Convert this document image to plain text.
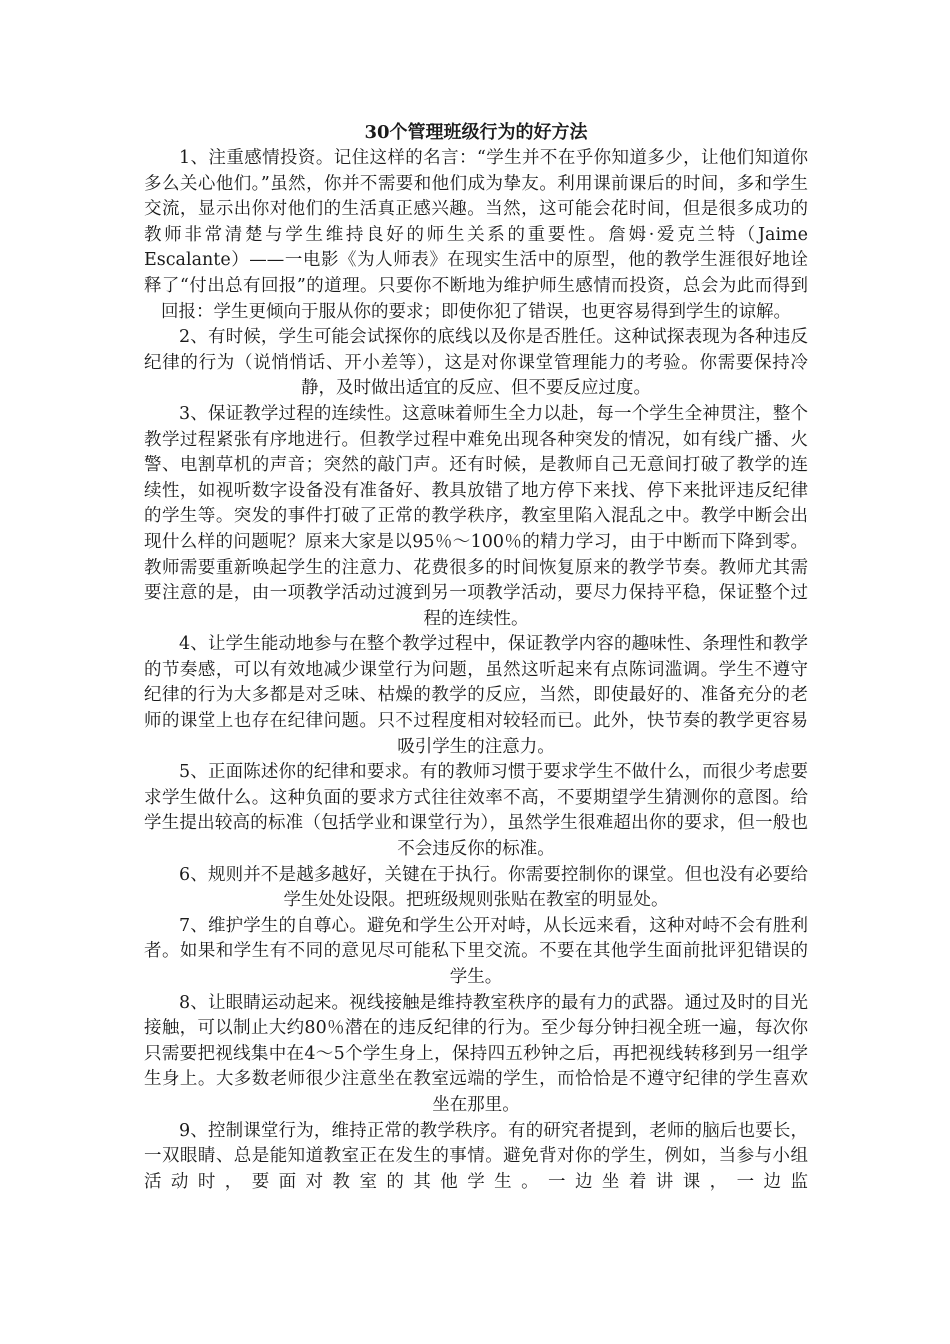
30个管理班级行为的好方法

1、注重感情投资。记住这样的名言：“学生并不在乎你知道多少，让他们知道你多么关心他们。”虽然，你并不需要和他们成为挚友。利用课前课后的时间，多和学生交流，显示出你对他们的生活真正感兴趣。当然，这可能会花时间，但是很多成功的教师非常清楚与学生维持良好的师生关系的重要性。詹姆·爱克兰特（Jaime Escalante）——一电影《为人师表》在现实生活中的原型，他的教学生涯很好地诠释了“付出总有回报”的道理。只要你不断地为维护师生感情而投资，总会为此而得到回报：学生更倾向于服从你的要求；即使你犯了错误，也更容易得到学生的谅解。

2、有时候，学生可能会试探你的底线以及你是否胜任。这种试探表现为各种违反纪律的行为（说悄悄话、开小差等），这是对你课堂管理能力的考验。你需要保持冷静，及时做出适宜的反应、但不要反应过度。

3、保证教学过程的连续性。这意味着师生全力以赴，每一个学生全神贯注，整个教学过程紧张有序地进行。但教学过程中难免出现各种突发的情况，如有线广播、火警、电割草机的声音；突然的敲门声。还有时候，是教师自己无意间打破了教学的连续性，如视听数字设备没有准备好、教具放错了地方停下来找、停下来批评违反纪律的学生等。突发的事件打破了正常的教学秩序，教室里陷入混乱之中。教学中断会出现什么样的问题呢？原来大家是以95％～100％的精力学习，由于中断而下降到零。教师需要重新唤起学生的注意力、花费很多的时间恢复原来的教学节奏。教师尤其需要注意的是，由一项教学活动过渡到另一项教学活动，要尽力保持平稳，保证整个过程的连续性。

4、让学生能动地参与在整个教学过程中，保证教学内容的趣味性、条理性和教学的节奏感，可以有效地减少课堂行为问题，虽然这听起来有点陈词滥调。学生不遵守纪律的行为大多都是对乏味、枯燥的教学的反应，当然，即使最好的、准备充分的老师的课堂上也存在纪律问题。只不过程度相对较轻而已。此外，快节奏的教学更容易吸引学生的注意力。

5、正面陈述你的纪律和要求。有的教师习惯于要求学生不做什么，而很少考虑要求学生做什么。这种负面的要求方式往往效率不高，不要期望学生猜测你的意图。给学生提出较高的标准（包括学业和课堂行为），虽然学生很难超出你的要求，但一般也不会违反你的标准。

6、规则并不是越多越好，关键在于执行。你需要控制你的课堂。但也没有必要给学生处处设限。把班级规则张贴在教室的明显处。

7、维护学生的自尊心。避免和学生公开对峙，从长远来看，这种对峙不会有胜利者。如果和学生有不同的意见尽可能私下里交流。不要在其他学生面前批评犯错误的学生。

8、让眼睛运动起来。视线接触是维持教室秩序的最有力的武器。通过及时的目光接触，可以制止大约80％潜在的违反纪律的行为。至少每分钟扫视全班一遍，每次你只需要把视线集中在4～5个学生身上，保持四五秒钟之后，再把视线转移到另一组学生身上。大多数老师很少注意坐在教室远端的学生，而恰恰是不遵守纪律的学生喜欢坐在那里。

9、控制课堂行为，维持正常的教学秩序。有的研究者提到，老师的脑后也要长，一双眼睛、总是能知道教室正在发生的事情。避免背对你的学生，例如，当参与小组活动时，要面对教室的其他学生。一边坐着讲课，一边监
